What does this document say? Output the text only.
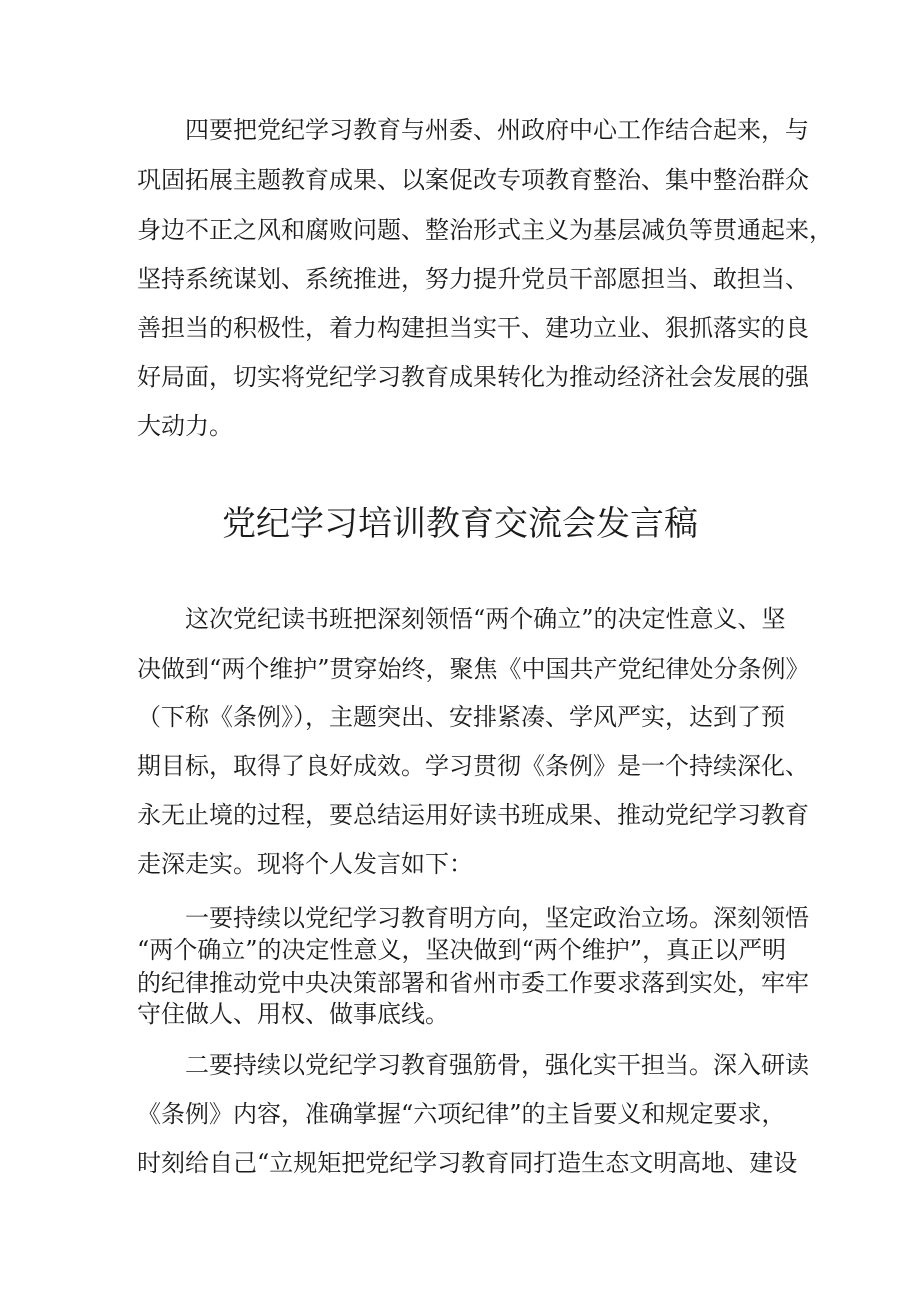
四要把党纪学习教育与州委、州政府中心工作结合起来，与
巩固拓展主题教育成果、以案促改专项教育整治、集中整治群众
身边不正之风和腐败问题、整治形式主义为基层减负等贯通起来，
坚持系统谋划、系统推进，努力提升党员干部愿担当、敢担当、
善担当的积极性，着力构建担当实干、建功立业、狠抓落实的良
好局面，切实将党纪学习教育成果转化为推动经济社会发展的强
大动力。
党纪学习培训教育交流会发言稿
这次党纪读书班把深刻领悟“两个确立”的决定性意义、坚
决做到“两个维护”贯穿始终，聚焦《中国共产党纪律处分条例》
（下称《条例》），主题突出、安排紧凑、学风严实，达到了预
期目标，取得了良好成效。学习贯彻《条例》是一个持续深化、
永无止境的过程，要总结运用好读书班成果、推动党纪学习教育
走深走实。现将个人发言如下：
一要持续以党纪学习教育明方向，坚定政治立场。深刻领悟
“两个确立”的决定性意义，坚决做到“两个维护”，真正以严明
的纪律推动党中央决策部署和省州市委工作要求落到实处，牢牢
守住做人、用权、做事底线。
二要持续以党纪学习教育强筋骨，强化实干担当。深入研读
《条例》内容，准确掌握“六项纪律”的主旨要义和规定要求，
时刻给自己“立规矩把党纪学习教育同打造生态文明高地、建设
